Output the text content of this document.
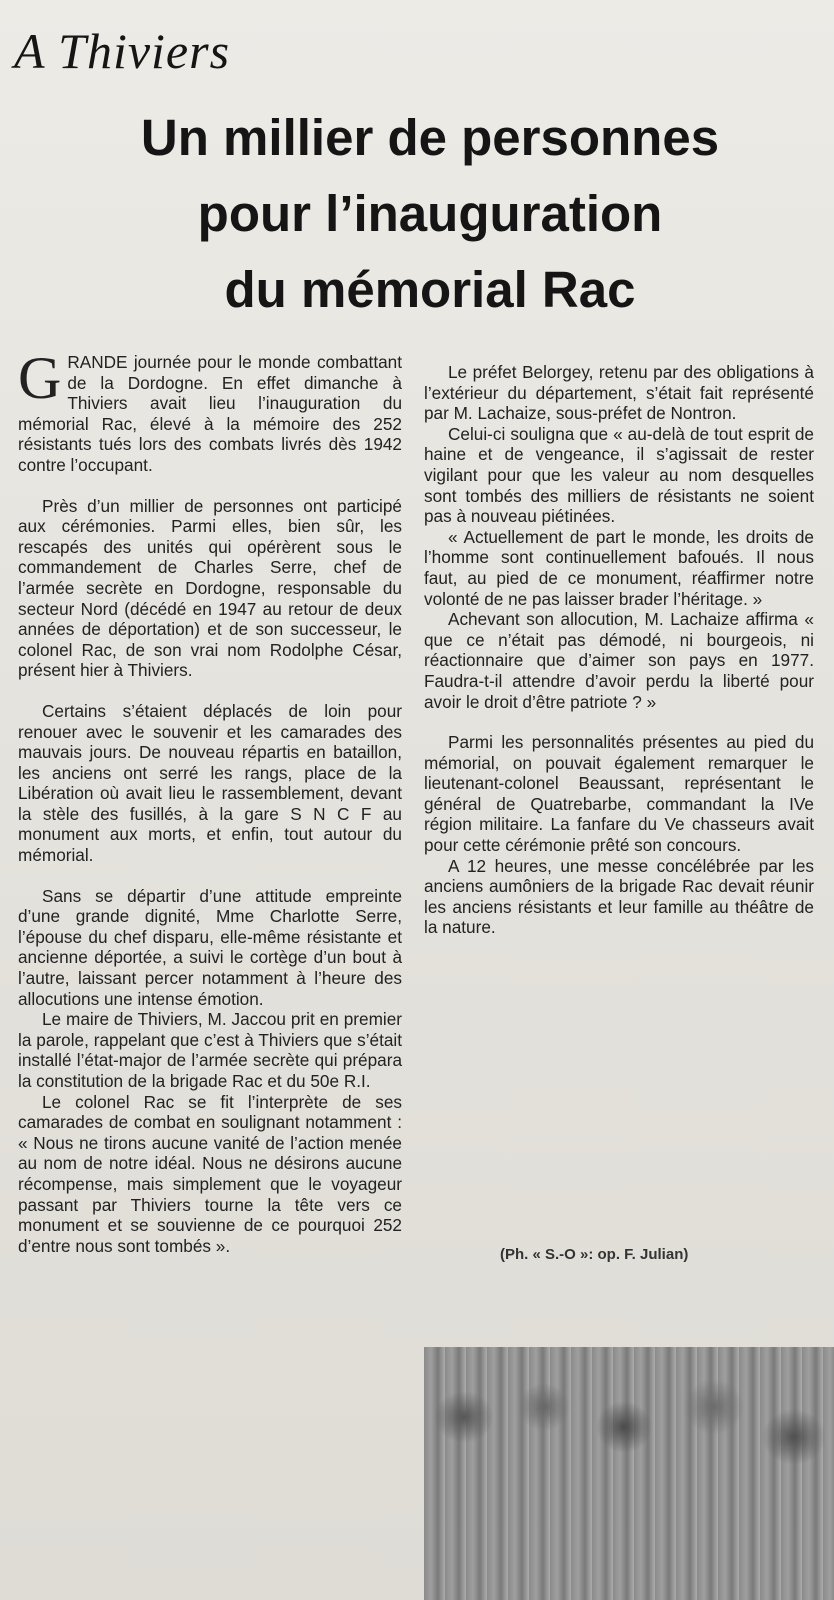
A Thiviers
Un millier de personnes
pour l’inauguration
du mémorial Rac

GRANDE journée pour le monde combattant de la Dordogne. En effet dimanche à Thiviers avait lieu l’inauguration du mémorial Rac, élevé à la mémoire des 252 résistants tués lors des combats livrés dès 1942 contre l’occupant.

Près d’un millier de personnes ont participé aux cérémonies. Parmi elles, bien sûr, les rescapés des unités qui opérèrent sous le commandement de Charles Serre, chef de l’armée secrète en Dordogne, responsable du secteur Nord (décédé en 1947 au retour de deux années de déportation) et de son successeur, le colonel Rac, de son vrai nom Rodolphe César, présent hier à Thiviers.

Certains s’étaient déplacés de loin pour renouer avec le souvenir et les camarades des mauvais jours. De nouveau répartis en bataillon, les anciens ont serré les rangs, place de la Libération où avait lieu le rassemblement, devant la stèle des fusillés, à la gare S N C F au monument aux morts, et enfin, tout autour du mémorial.

Sans se départir d’une attitude empreinte d’une grande dignité, Mme Charlotte Serre, l’épouse du chef disparu, elle-même résistante et ancienne déportée, a suivi le cortège d’un bout à l’autre, laissant percer notamment à l’heure des allocutions une intense émotion.

Le maire de Thiviers, M. Jaccou prit en premier la parole, rappelant que c’est à Thiviers que s’était installé l’état-major de l’armée secrète qui prépara la constitution de la brigade Rac et du 50e R.I.

Le colonel Rac se fit l’interprète de ses camarades de combat en soulignant notamment : « Nous ne tirons aucune vanité de l’action menée au nom de notre idéal. Nous ne désirons aucune récompense, mais simplement que le voyageur passant par Thiviers tourne la tête vers ce monument et se souvienne de ce pourquoi 252 d’entre nous sont tombés ».

Le préfet Belorgey, retenu par des obligations à l’extérieur du département, s’était fait représenté par M. Lachaize, sous-préfet de Nontron.

Celui-ci souligna que « au-delà de tout esprit de haine et de vengeance, il s’agissait de rester vigilant pour que les valeur au nom desquelles sont tombés des milliers de résistants ne soient pas à nouveau piétinées.

« Actuellement de part le monde, les droits de l’homme sont continuellement bafoués. Il nous faut, au pied de ce monument, réaffirmer notre volonté de ne pas laisser brader l’héritage. »

Achevant son allocution, M. Lachaize affirma « que ce n’était pas démodé, ni bourgeois, ni réactionnaire que d’aimer son pays en 1977. Faudra-t-il attendre d’avoir perdu la liberté pour avoir le droit d’être patriote ? »

Parmi les personnalités présentes au pied du mémorial, on pouvait également remarquer le lieutenant-colonel Beaussant, représentant le général de Quatrebarbe, commandant la IVe région militaire. La fanfare du Ve chasseurs avait pour cette cérémonie prêté son concours.

A 12 heures, une messe concélébrée par les anciens aumôniers de la brigade Rac devait réunir les anciens résistants et leur famille au théâtre de la nature.

(Ph. « S.-O »: op. F. Julian)
